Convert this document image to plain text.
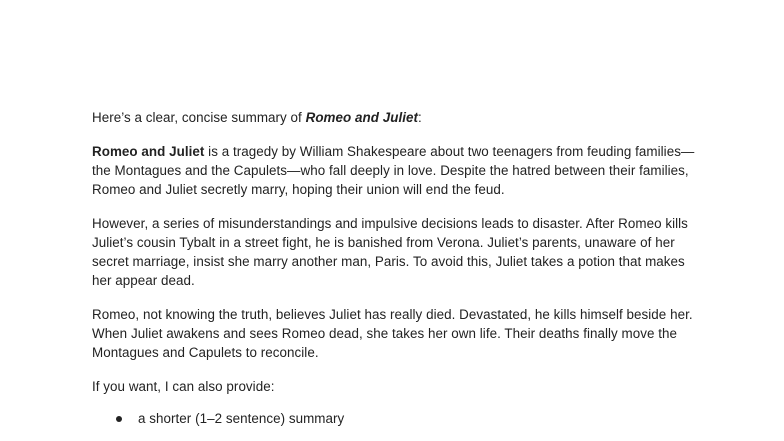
Here’s a clear, concise summary of Romeo and Juliet:

Romeo and Juliet is a tragedy by William Shakespeare about two teenagers from feuding families—the Montagues and the Capulets—who fall deeply in love. Despite the hatred between their families, Romeo and Juliet secretly marry, hoping their union will end the feud.

However, a series of misunderstandings and impulsive decisions leads to disaster. After Romeo kills Juliet’s cousin Tybalt in a street fight, he is banished from Verona. Juliet’s parents, unaware of her secret marriage, insist she marry another man, Paris. To avoid this, Juliet takes a potion that makes her appear dead.

Romeo, not knowing the truth, believes Juliet has really died. Devastated, he kills himself beside her. When Juliet awakens and sees Romeo dead, she takes her own life. Their deaths finally move the Montagues and Capulets to reconcile.

If you want, I can also provide:

a shorter (1–2 sentence) summary
